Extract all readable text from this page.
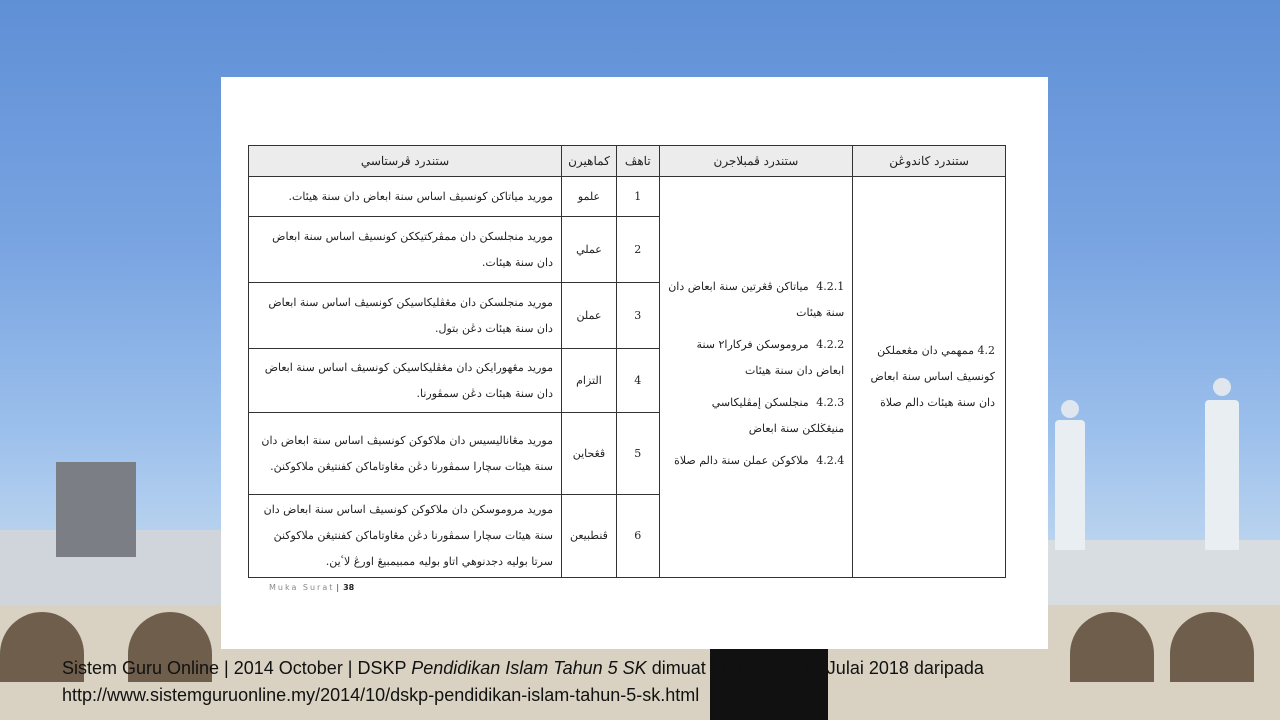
ستندرد كاندوڠن	ستندرد ڤمبلاجرن	تاهڤ	كماهيرن	ستندرد ڤرستاسي
4.2 ممهمي دان مڠعملكن كونسيڤ اساس سنة ابعاض دان سنة هيئات دالم صلاة	4.2.1 مياتاكن ڤڠرتين سنة ابعاض دان سنة هيئات
4.2.2 مروموسكن فركارا٢ سنة ابعاض دان سنة هيئات
4.2.3 منجلسكن إمڤليكاسي منيڠڬلكن سنة ابعاض
4.2.4 ملاكوكن عملن سنة دالم صلاة	1	علمو	موريد مياتاكن كونسيڤ اساس سنة ابعاض دان سنة هيئات.
		2	عملي	موريد منجلسكن دان ممڤركتيككن كونسيڤ اساس سنة ابعاض دان سنة هيئات.
		3	عملن	موريد منجلسكن دان مڠڤليكاسيكن كونسيڤ اساس سنة ابعاض دان سنة هيئات دڠن بتول.
		4	التزام	موريد مڠهورايكن دان مڠڤليكاسيكن كونسيڤ اساس سنة ابعاض دان سنة هيئات دڠن سمڤورنا.
		5	ڤڠحاين	موريد مڠاناليسيس دان ملاكوكن كونسيڤ اساس سنة ابعاض دان سنة هيئات سچارا سمڤورنا دڠن مڠاوتاماكن كفنتيڠن ملاكوكنڽ.
		6	ڤنطبيعن	موريد مروموسكن دان ملاكوكن كونسيڤ اساس سنة ابعاض دان سنة هيئات سچارا سمڤورنا دڠن مڠاوتاماكن كفنتيڠن ملاكوكنڽ سرتا بوليه دجدنوهي اتاو بوليه ممبيمبيڠ اورڠ لاٴين.
Muka Surat | 38
Sistem Guru Online | 2014 October | DSKP Pendidikan Islam Tahun 5 SK dimuat turun pada 17 Julai 2018 daripada
http://www.sistemguruonline.my/2014/10/dskp-pendidikan-islam-tahun-5-sk.html
